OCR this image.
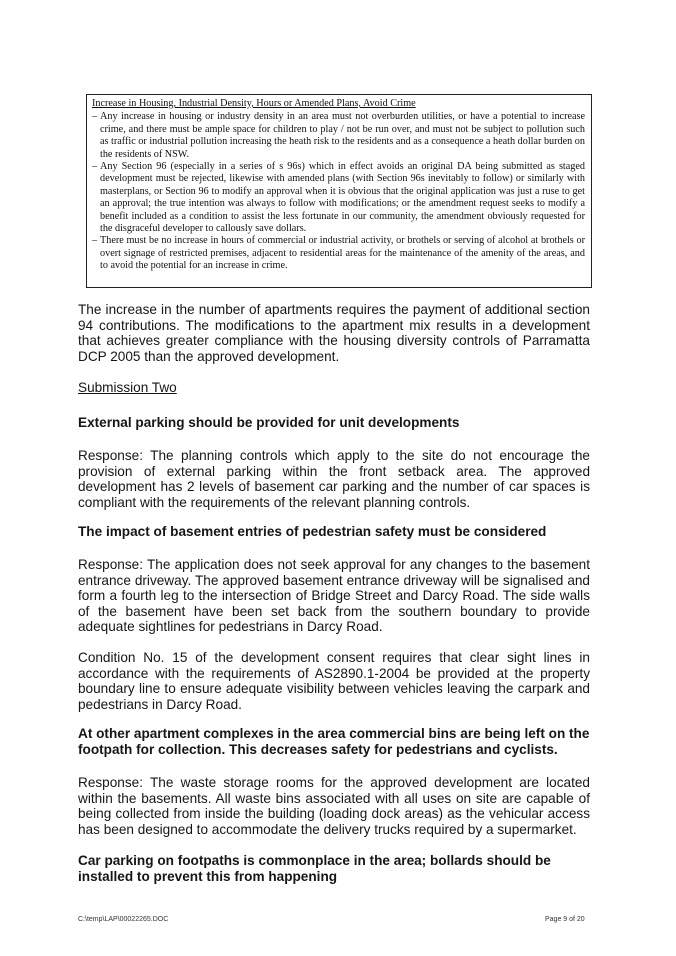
Increase in Housing, Industrial Density, Hours or Amended Plans, Avoid Crime
– Any increase in housing or industry density in an area must not overburden utilities, or have a potential to increase crime, and there must be ample space for children to play / not be run over, and must not be subject to pollution such as traffic or industrial pollution increasing the heath risk to the residents and as a consequence a heath dollar burden on the residents of NSW.
– Any Section 96 (especially in a series of s 96s) which in effect avoids an original DA being submitted as staged development must be rejected, likewise with amended plans (with Section 96s inevitably to follow) or similarly with masterplans, or Section 96 to modify an approval when it is obvious that the original application was just a ruse to get an approval; the true intention was always to follow with modifications; or the amendment request seeks to modify a benefit included as a condition to assist the less fortunate in our community, the amendment obviously requested for the disgraceful developer to callously save dollars.
– There must be no increase in hours of commercial or industrial activity, or brothels or serving of alcohol at brothels or overt signage of restricted premises, adjacent to residential areas for the maintenance of the amenity of the areas, and to avoid the potential for an increase in crime.
The increase in the number of apartments requires the payment of additional section 94 contributions. The modifications to the apartment mix results in a development that achieves greater compliance with the housing diversity controls of Parramatta DCP 2005 than the approved development.
Submission Two
External parking should be provided for unit developments
Response: The planning controls which apply to the site do not encourage the provision of external parking within the front setback area. The approved development has 2 levels of basement car parking and the number of car spaces is compliant with the requirements of the relevant planning controls.
The impact of basement entries of pedestrian safety must be considered
Response: The application does not seek approval for any changes to the basement entrance driveway. The approved basement entrance driveway will be signalised and form a fourth leg to the intersection of Bridge Street and Darcy Road. The side walls of the basement have been set back from the southern boundary to provide adequate sightlines for pedestrians in Darcy Road.
Condition No. 15 of the development consent requires that clear sight lines in accordance with the requirements of AS2890.1-2004 be provided at the property boundary line to ensure adequate visibility between vehicles leaving the carpark and pedestrians in Darcy Road.
At other apartment complexes in the area commercial bins are being left on the footpath for collection. This decreases safety for pedestrians and cyclists.
Response: The waste storage rooms for the approved development are located within the basements. All waste bins associated with all uses on site are capable of being collected from inside the building (loading dock areas) as the vehicular access has been designed to accommodate the delivery trucks required by a supermarket.
Car parking on footpaths is commonplace in the area; bollards should be installed to prevent this from happening
C:\temp\LAP\00022265.DOC	Page 9 of 20
